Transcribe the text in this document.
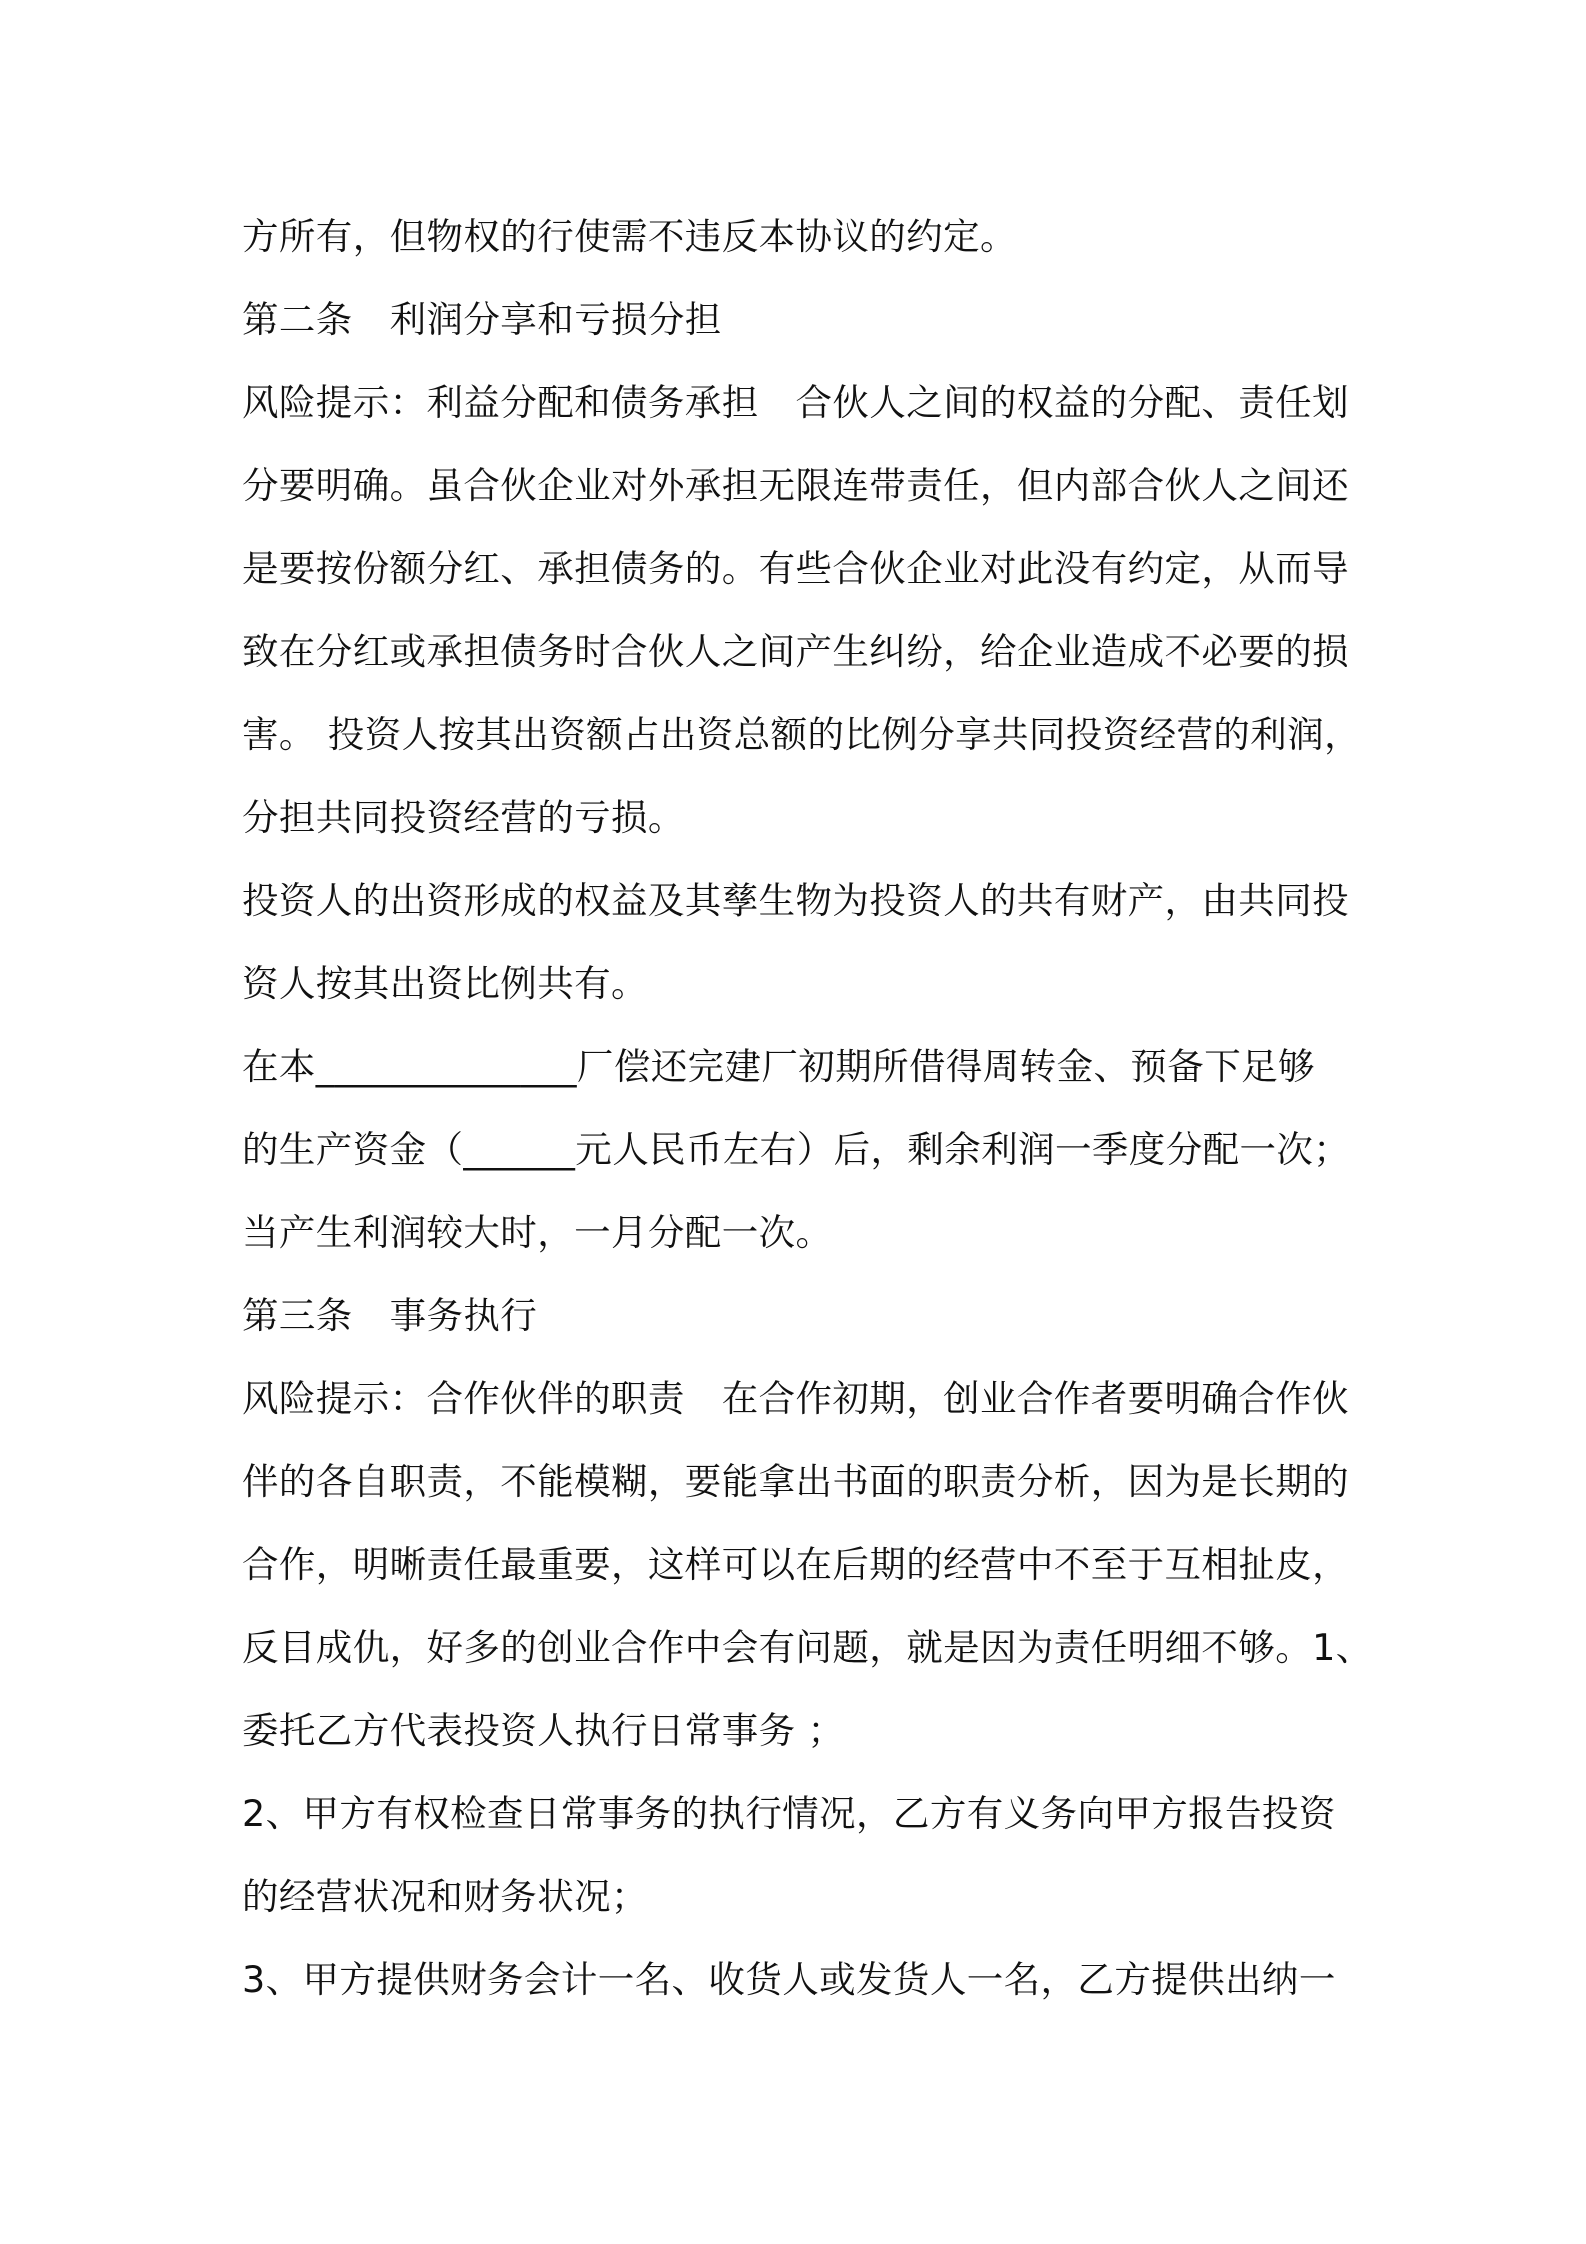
方所有，但物权的行使需不违反本协议的约定。
第二条　利润分享和亏损分担
风险提示：利益分配和债务承担　合伙人之间的权益的分配、责任划
分要明确。虽合伙企业对外承担无限连带责任，但内部合伙人之间还
是要按份额分红、承担债务的。有些合伙企业对此没有约定，从而导
致在分红或承担债务时合伙人之间产生纠纷，给企业造成不必要的损
害。 投资人按其出资额占出资总额的比例分享共同投资经营的利润，
分担共同投资经营的亏损。
投资人的出资形成的权益及其孳生物为投资人的共有财产，由共同投
资人按其出资比例共有。
在本______________厂偿还完建厂初期所借得周转金、预备下足够
的生产资金（______元人民币左右）后，剩余利润一季度分配一次；
当产生利润较大时，一月分配一次。
第三条　事务执行
风险提示：合作伙伴的职责　在合作初期，创业合作者要明确合作伙
伴的各自职责，不能模糊，要能拿出书面的职责分析，因为是长期的
合作，明晰责任最重要，这样可以在后期的经营中不至于互相扯皮，
反目成仇，好多的创业合作中会有问题，就是因为责任明细不够。1、
委托乙方代表投资人执行日常事务 ；
2、甲方有权检查日常事务的执行情况，乙方有义务向甲方报告投资
的经营状况和财务状况；
3、甲方提供财务会计一名、收货人或发货人一名，乙方提供出纳一
